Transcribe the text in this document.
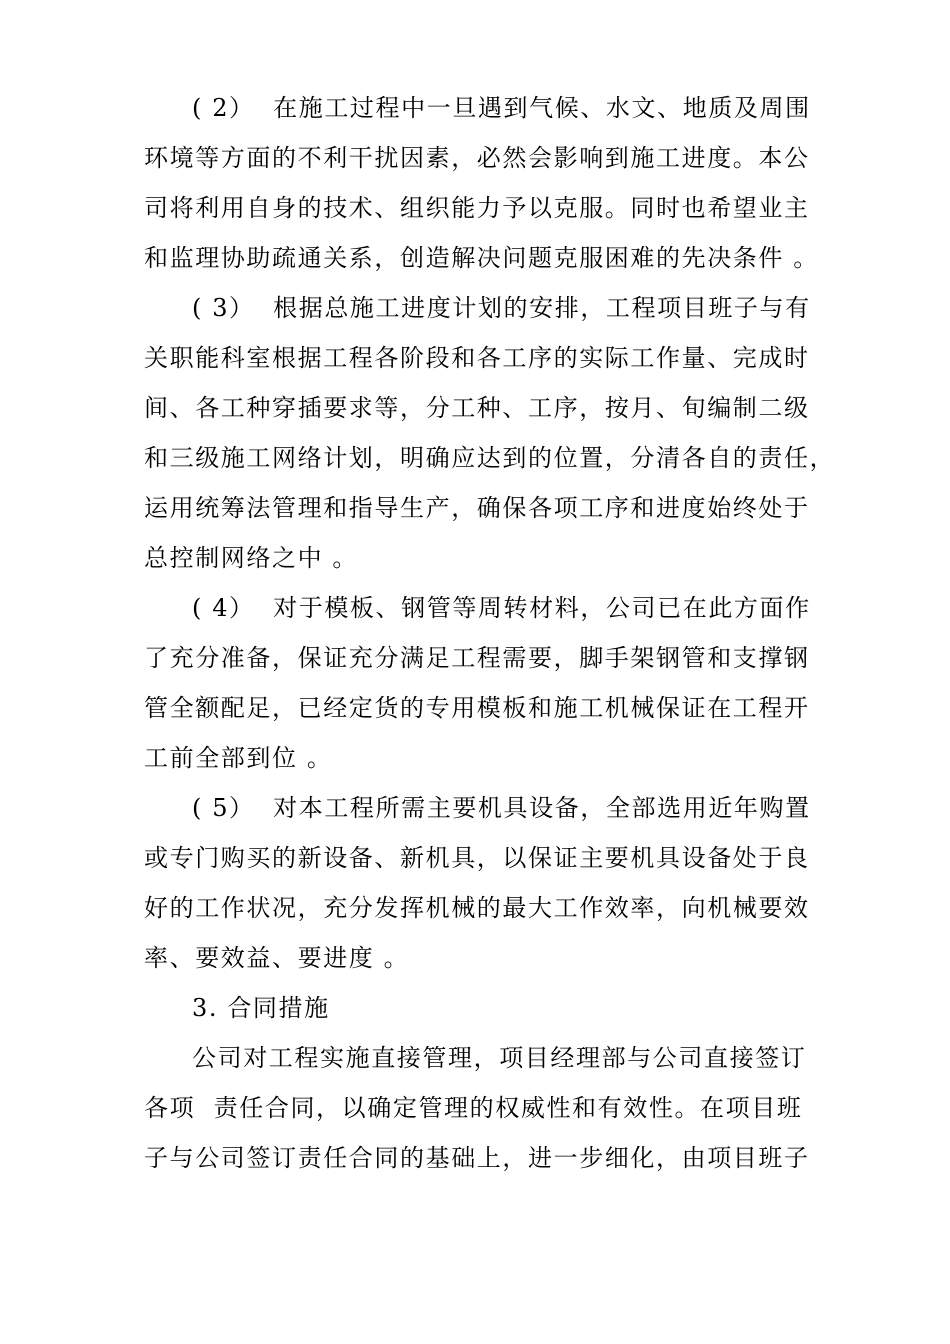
( 2）  在施工过程中一旦遇到气候、水文、地质及周围
环境等方面的不利干扰因素，必然会影响到施工进度。本公
司将利用自身的技术、组织能力予以克服。同时也希望业主
和监理协助疏通关系，创造解决问题克服困难的先决条件 。
( 3）  根据总施工进度计划的安排，工程项目班子与有
关职能科室根据工程各阶段和各工序的实际工作量、完成时
间、各工种穿插要求等，分工种、工序，按月、旬编制二级
和三级施工网络计划，明确应达到的位置，分清各自的责任，
运用统筹法管理和指导生产，确保各项工序和进度始终处于
总控制网络之中 。
( 4）  对于模板、钢管等周转材料，公司已在此方面作
了充分准备，保证充分满足工程需要，脚手架钢管和支撑钢
管全额配足，已经定货的专用模板和施工机械保证在工程开
工前全部到位 。
( 5）  对本工程所需主要机具设备，全部选用近年购置
或专门购买的新设备、新机具，以保证主要机具设备处于良
好的工作状况，充分发挥机械的最大工作效率，向机械要效
率、要效益、要进度 。
3. 合同措施
公司对工程实施直接管理，项目经理部与公司直接签订
各项  责任合同，以确定管理的权威性和有效性。在项目班
子与公司签订责任合同的基础上，进一步细化，由项目班子
